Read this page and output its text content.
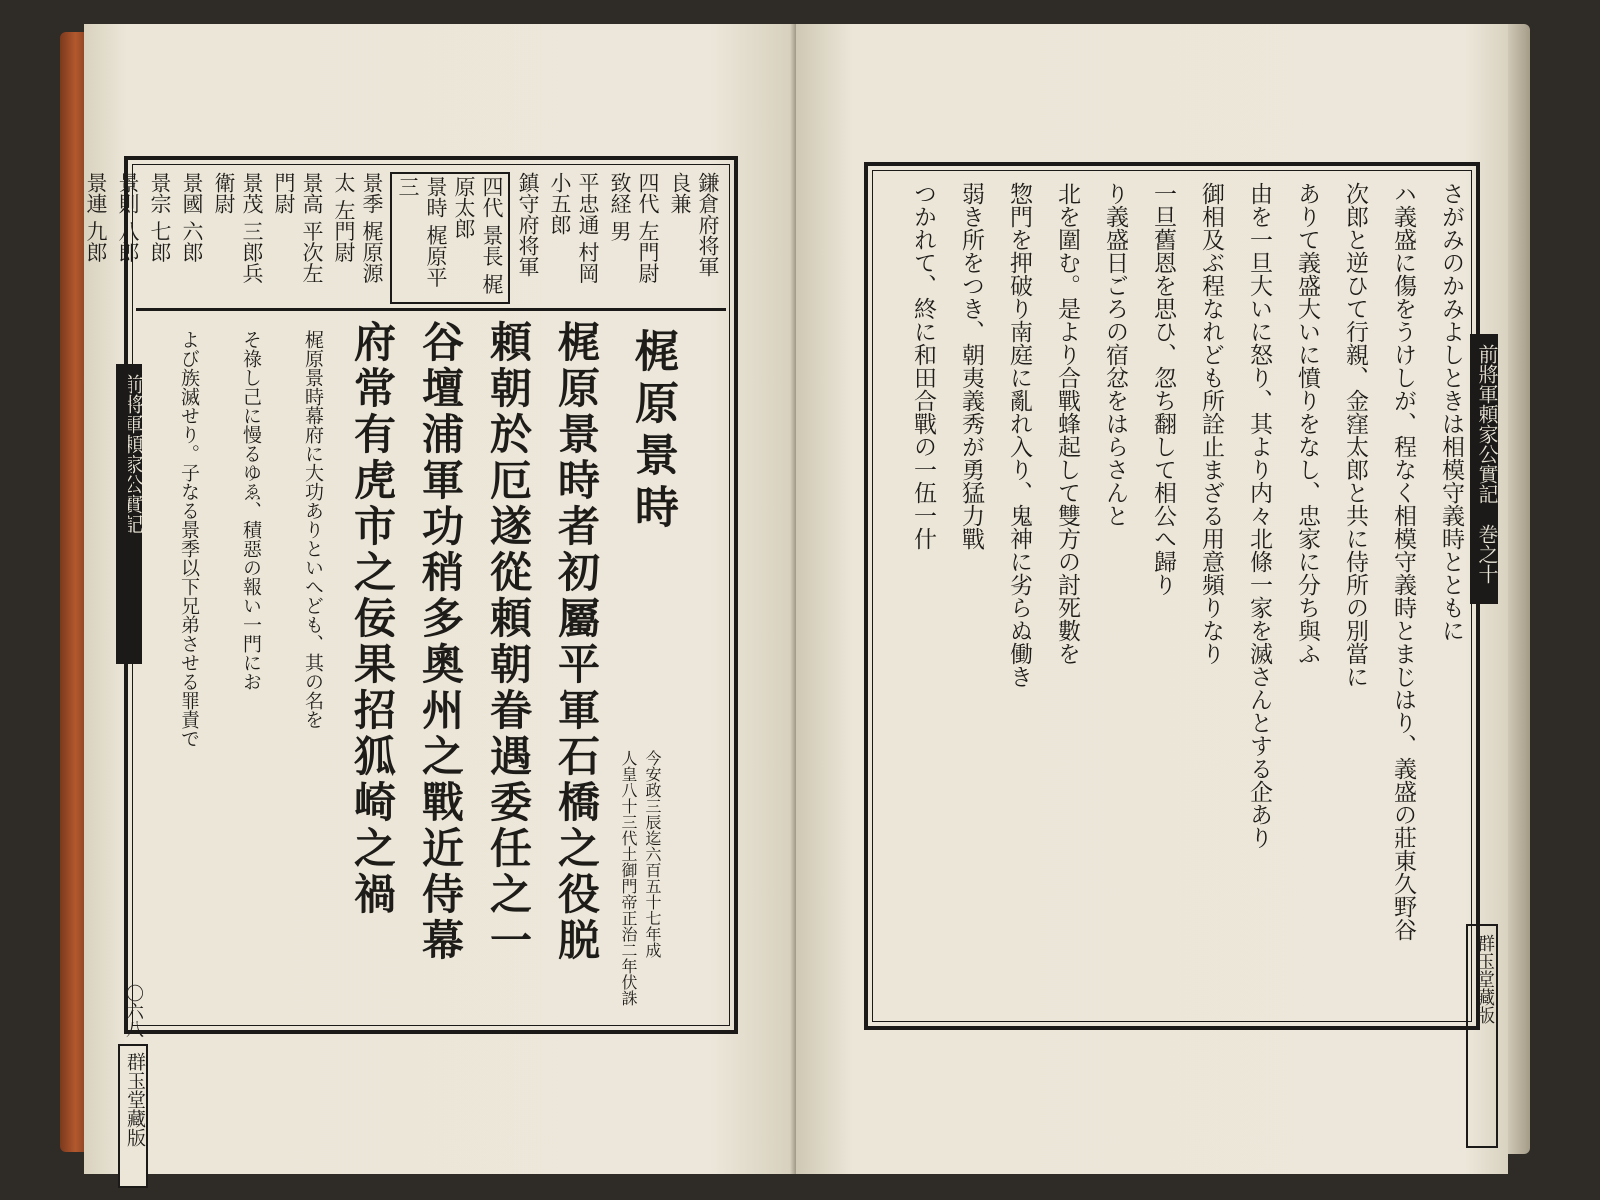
前將軍頼家公實記
〇六八
群玉堂藏版
鎌倉府将軍 良兼
四代 左門尉致経 男
平忠通 村岡小五郎
鎮守府将軍
四代 景長 梶原太郎
景時 梶原平三
景季 梶原源太 左門尉
景高 平次左門尉
景茂 三郎兵衛尉
景國 六郎
景宗 七郎
景則 八郎
景連 九郎
梶原景時
梶原景時者初屬平軍石橋之役脱
頼朝於厄遂從頼朝眷遇委任之一
谷壇浦軍功稍多奧州之戰近侍幕
府常有虎市之佞果招狐崎之禍	人皇八十三代土御門帝正治二年伏誅 今安政三辰迄六百五十七年成
梶原景時幕府に大功ありといへども、其の名を
そ祿し己に慢るゆゑ、積惡の報い一門にお
よび族滅せり。子なる景季以下兄弟させる罪責で	さがみのかみよしときは相模守義時とともに
ハ義盛に傷をうけしが、程なく相模守義時とまじはり、義盛の莊東久野谷
次郎と逆ひて行親、金窪太郎と共に侍所の別當に
ありて義盛大いに憤りをなし、忠家に分ち與ふ
由を一旦大いに怒り、其より内々北條一家を滅さんとする企あり
御相及ぶ程なれども所詮止まざる用意頻りなり
一旦舊恩を思ひ、忽ち翻して相公へ歸り
り義盛日ごろの宿忿をはらさんと
北を圍む。是より合戰蜂起して雙方の討死數を
惣門を押破り南庭に亂れ入り、鬼神に劣らぬ働き
弱き所をつき、朝夷義秀が勇猛力戰
つかれて、終に和田合戰の一伍一什	前將軍頼家公實記　巻之十
群玉堂藏版
